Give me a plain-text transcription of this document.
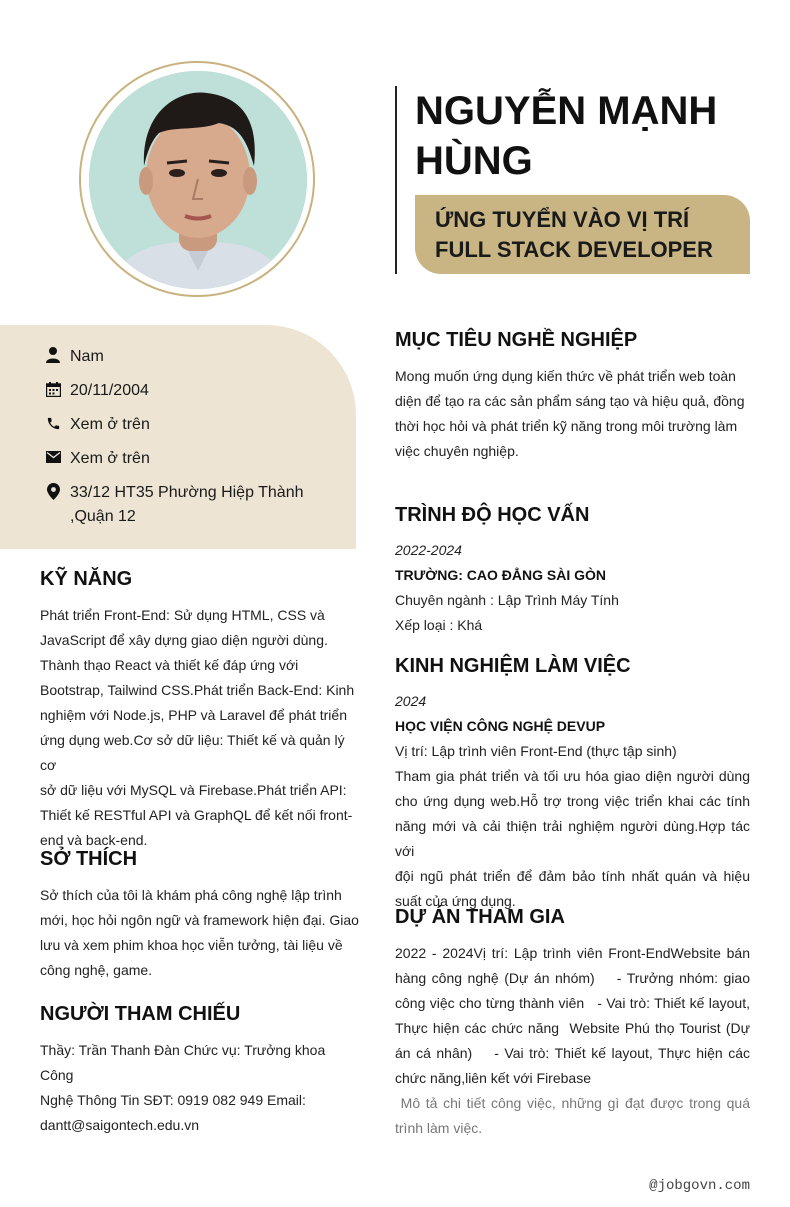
NGUYỄN MẠNH
HÙNG
ỨNG TUYỂN VÀO VỊ TRÍ
FULL STACK DEVELOPER
Nam
20/11/2004
Xem ở trên
Xem ở trên
33/12 HT35 Phường Hiệp Thành
,Quận 12
KỸ NĂNG
Phát triển Front-End: Sử dụng HTML, CSS và
JavaScript để xây dựng giao diện người dùng.
Thành thạo React và thiết kế đáp ứng với
Bootstrap, Tailwind CSS.Phát triển Back-End: Kinh
nghiệm với Node.js, PHP và Laravel để phát triển
ứng dụng web.Cơ sở dữ liệu: Thiết kế và quản lý cơ
sở dữ liệu với MySQL và Firebase.Phát triển API:
Thiết kế RESTful API và GraphQL để kết nối front-
end và back-end.
SỞ THÍCH
Sở thích của tôi là khám phá công nghệ lập trình
mới, học hỏi ngôn ngữ và framework hiện đại. Giao
lưu và xem phim khoa học viễn tưởng, tài liệu về
công nghệ, game.
NGƯỜI THAM CHIẾU
Thầy: Trần Thanh Đàn Chức vụ: Trưởng khoa Công
Nghệ Thông Tin SĐT: 0919 082 949 Email:
dantt@saigontech.edu.vn
MỤC TIÊU NGHỀ NGHIỆP
Mong muốn ứng dụng kiến thức về phát triển web toàn
diện để tạo ra các sản phẩm sáng tạo và hiệu quả, đồng
thời học hỏi và phát triển kỹ năng trong môi trường làm
việc chuyên nghiệp.
TRÌNH ĐỘ HỌC VẤN
2022-2024
TRƯỜNG: CAO ĐẲNG SÀI GÒN
Chuyên ngành : Lập Trình Máy Tính
Xếp loại : Khá
KINH NGHIỆM LÀM VIỆC
2024
HỌC VIỆN CÔNG NGHỆ DEVUP
Vị trí: Lập trình viên Front-End (thực tập sinh)
Tham gia phát triển và tối ưu hóa giao diện người dùng
cho ứng dụng web.Hỗ trợ trong việc triển khai các tính
năng mới và cải thiện trải nghiệm người dùng.Hợp tác với
đội ngũ phát triển để đảm bảo tính nhất quán và hiệu
suất của ứng dụng.
DỰ ÁN THAM GIA
2022 - 2024Vị trí: Lập trình viên Front-EndWebsite bán
hàng công nghệ (Dự án nhóm)    - Trưởng nhóm: giao
công việc cho từng thành viên   - Vai trò: Thiết kế layout,
Thực hiện các chức năng  Website Phú thọ Tourist (Dự
án cá nhân)    - Vai trò: Thiết kế layout, Thực hiện các
chức năng,liên kết với Firebase
Mô tả chi tiết công việc, những gì đạt được trong quá
trình làm việc.
@jobgovn.com
